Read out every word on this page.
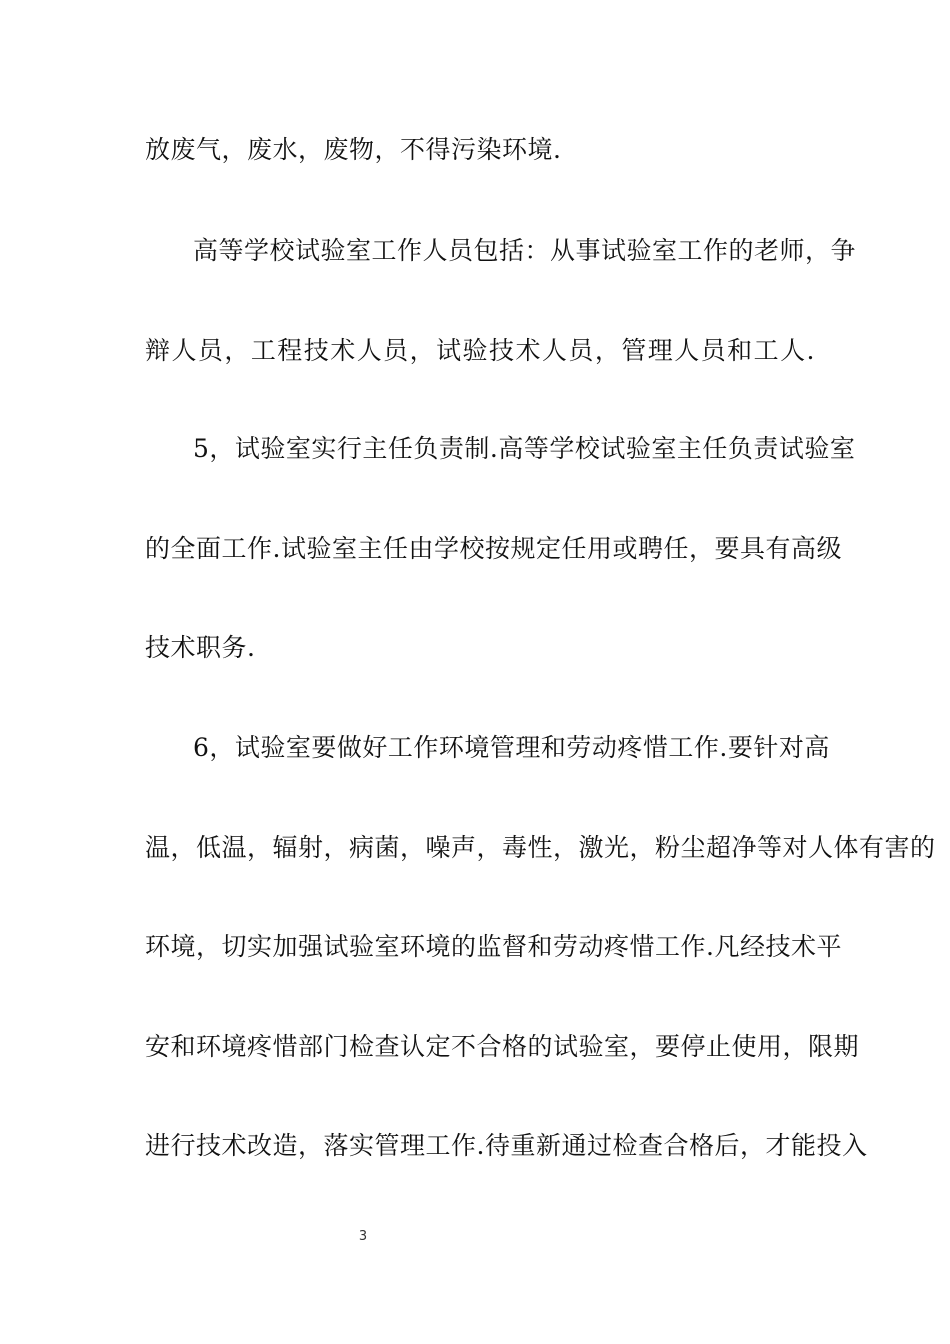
放废气，废水，废物，不得污染环境.
高等学校试验室工作人员包括：从事试验室工作的老师，争
辩人员，工程技术人员，试验技术人员，管理人员和工人.
5，试验室实行主任负责制.高等学校试验室主任负责试验室
的全面工作.试验室主任由学校按规定任用或聘任，要具有高级
技术职务.
6，试验室要做好工作环境管理和劳动疼惜工作.要针对高
温，低温，辐射，病菌，噪声，毒性，激光，粉尘超净等对人体有害的
环境，切实加强试验室环境的监督和劳动疼惜工作.凡经技术平
安和环境疼惜部门检查认定不合格的试验室，要停止使用，限期
进行技术改造，落实管理工作.待重新通过检查合格后，才能投入
3
